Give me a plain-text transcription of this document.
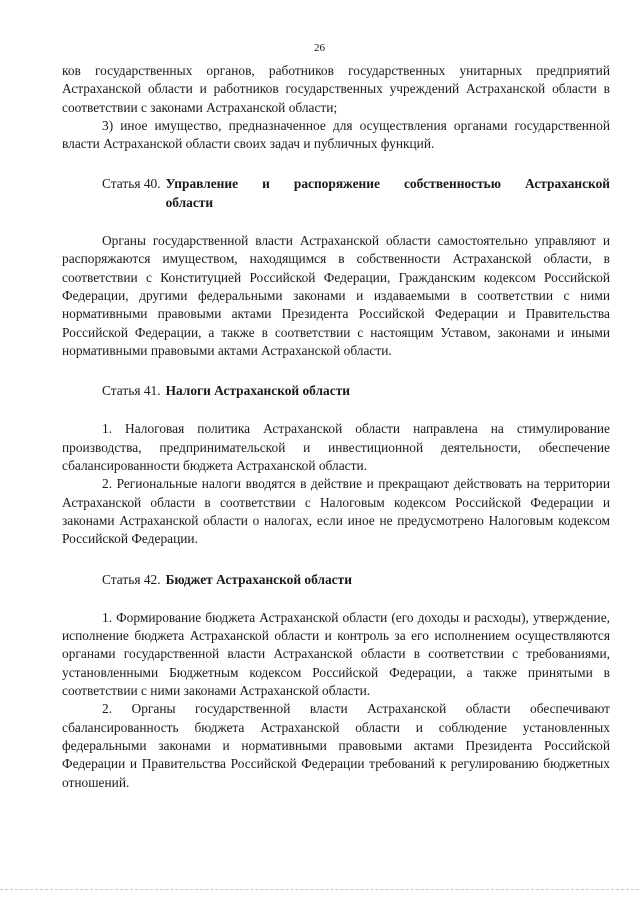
26

ков государственных органов, работников государственных унитарных предприятий Астраханской области и работников государственных учреждений Астраханской области в соответствии с законами Астраханской области;

3) иное имущество, предназначенное для осуществления органами государственной власти Астраханской области своих задач и публичных функций.

Статья 40. Управление и распоряжение собственностью Астраханской
области

Органы государственной власти Астраханской области самостоятельно управляют и распоряжаются имуществом, находящимся в собственности Астраханской области, в соответствии с Конституцией Российской Федерации, Гражданским кодексом Российской Федерации, другими федеральными законами и издаваемыми в соответствии с ними нормативными правовыми актами Президента Российской Федерации и Правительства Российской Федерации, а также в соответствии с настоящим Уставом, законами и иными нормативными правовыми актами Астраханской области.

Статья 41. Налоги Астраханской области

1. Налоговая политика Астраханской области направлена на стимулирование производства, предпринимательской и инвестиционной деятельности, обеспечение сбалансированности бюджета Астраханской области.

2. Региональные налоги вводятся в действие и прекращают действовать на территории Астраханской области в соответствии с Налоговым кодексом Российской Федерации и законами Астраханской области о налогах, если иное не предусмотрено Налоговым кодексом Российской Федерации.

Статья 42. Бюджет Астраханской области

1. Формирование бюджета Астраханской области (его доходы и расходы), утверждение, исполнение бюджета Астраханской области и контроль за его исполнением осуществляются органами государственной власти Астраханской области в соответствии с требованиями, установленными Бюджетным кодексом Российской Федерации, а также принятыми в соответствии с ними законами Астраханской области.

2. Органы государственной власти Астраханской области обеспечивают сбалансированность бюджета Астраханской области и соблюдение установленных федеральными законами и нормативными правовыми актами Президента Российской Федерации и Правительства Российской Федерации требований к регулированию бюджетных отношений.
